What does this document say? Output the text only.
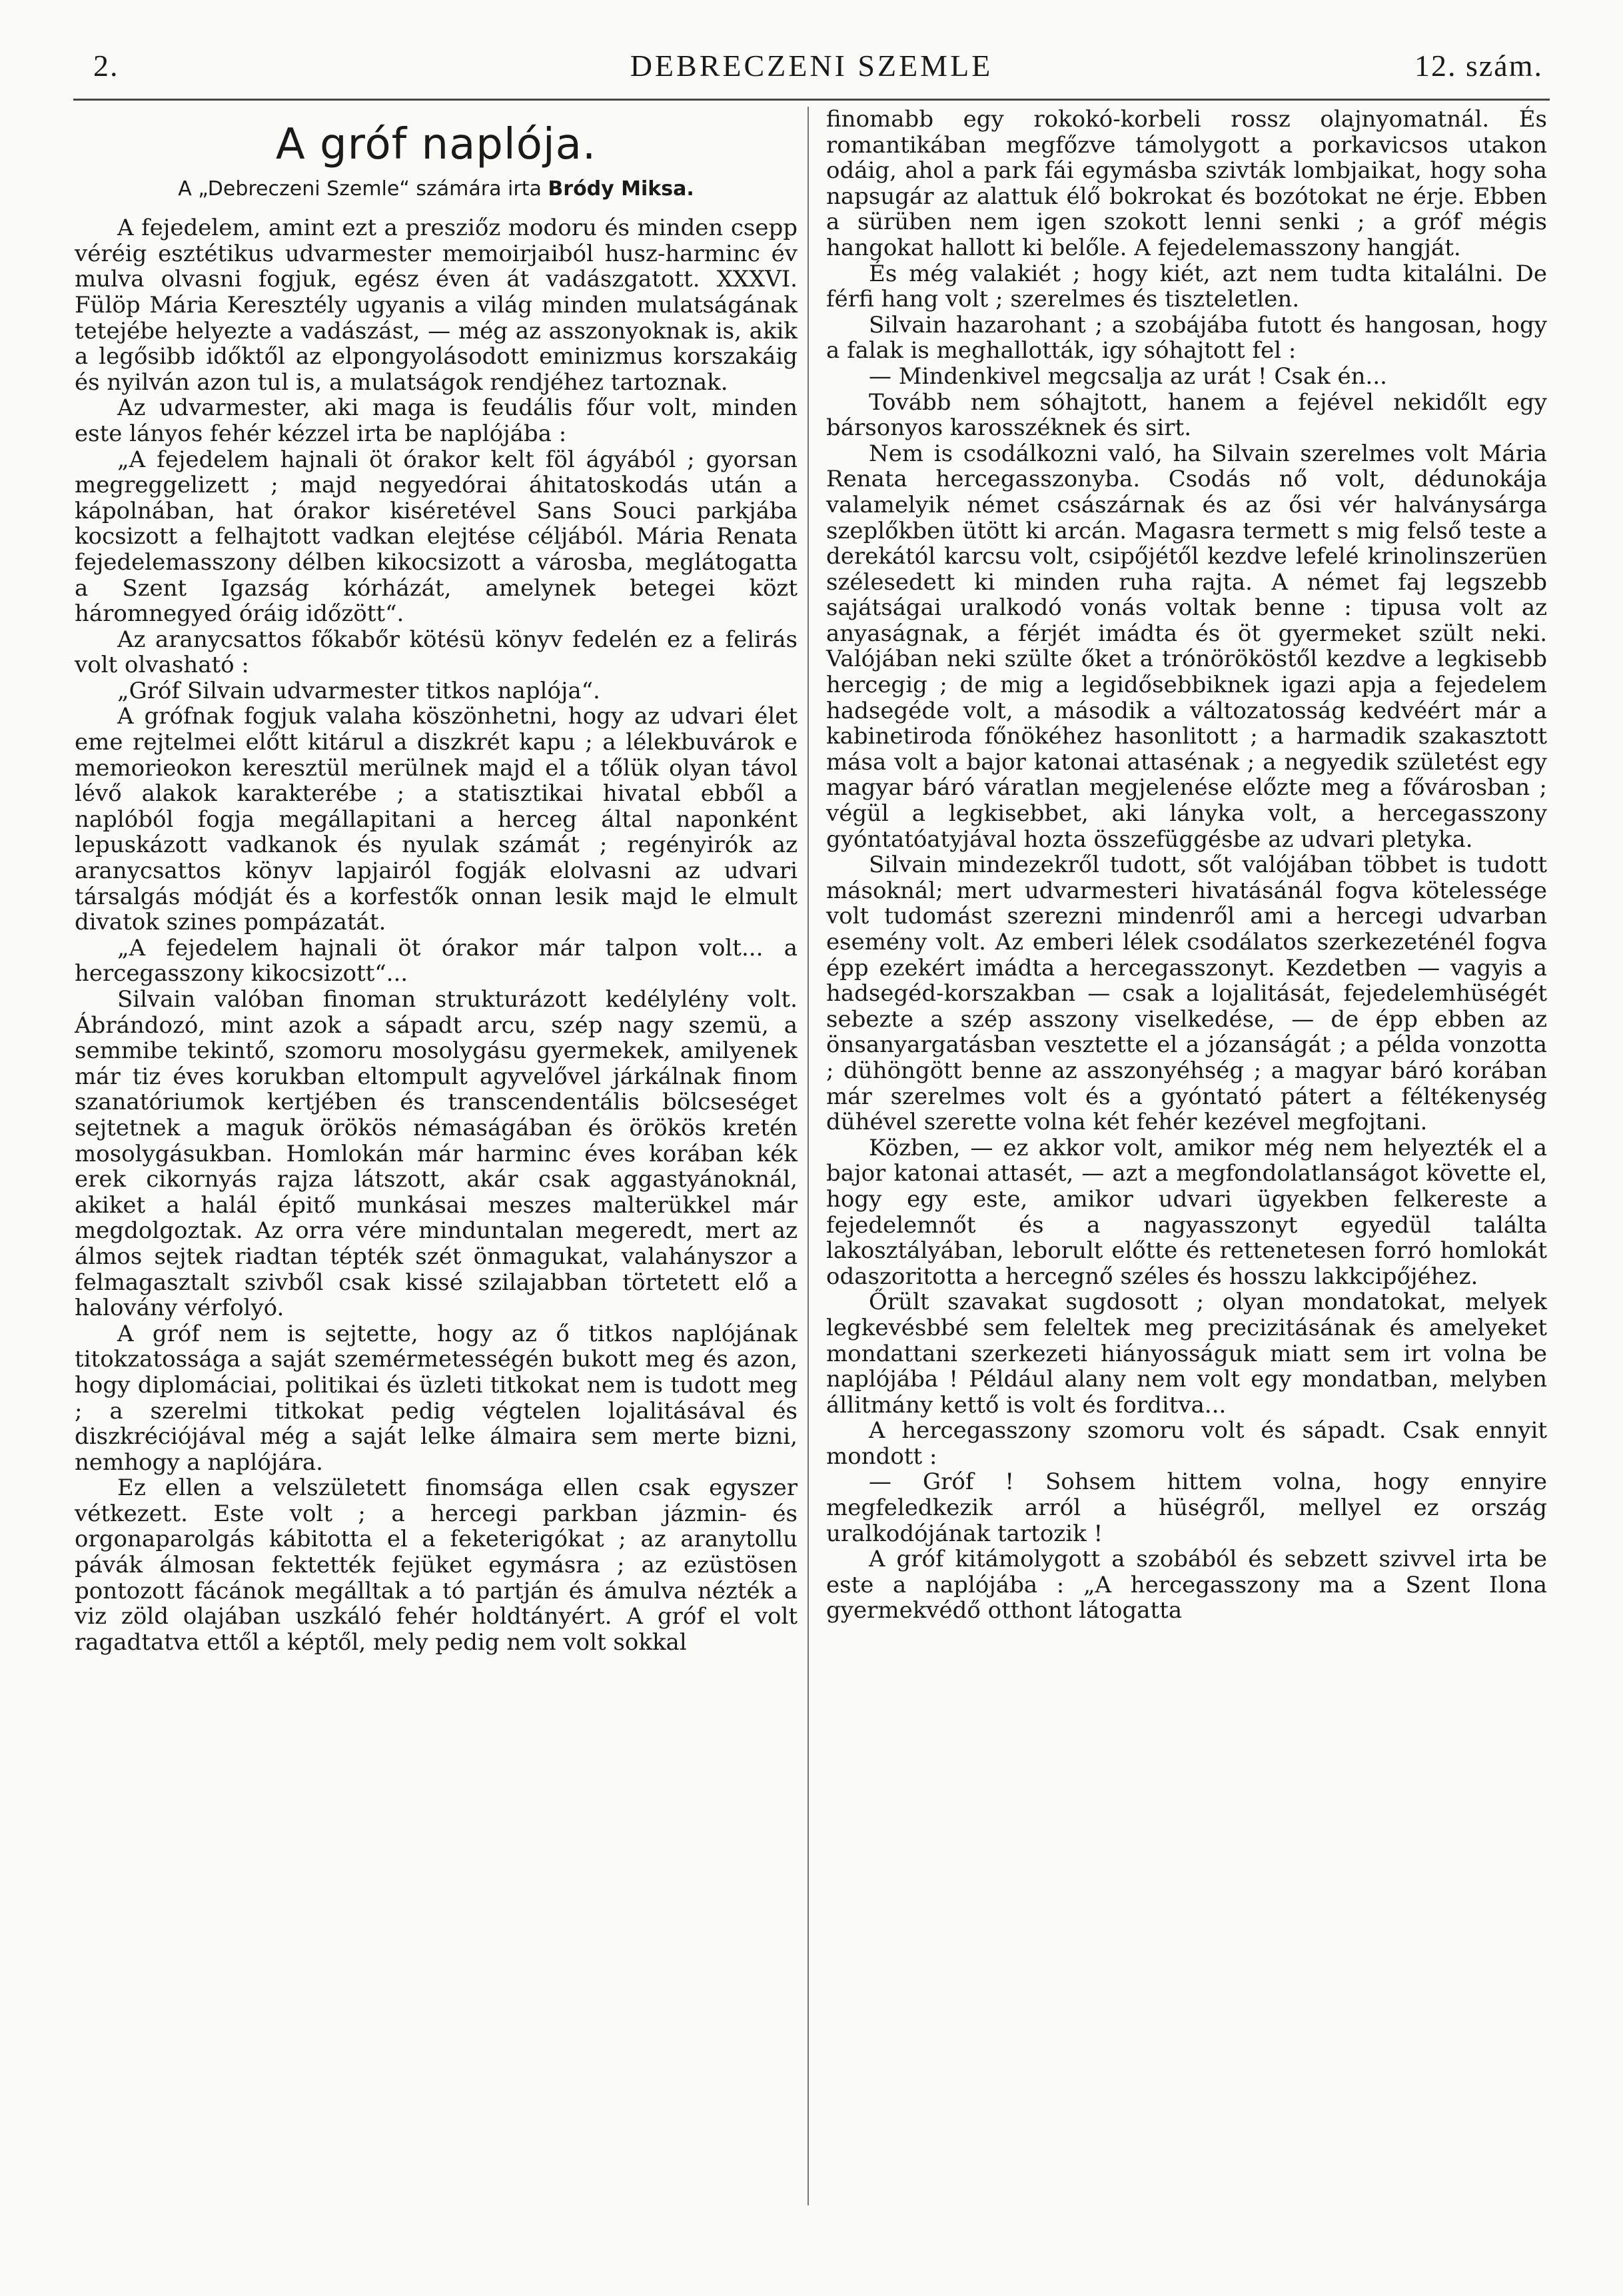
2.	DEBRECZENI SZEMLE	12. szám.
A gróf naplója.
A „Debreczeni Szemle“ számára irta Bródy Miksa.

A fejedelem, amint ezt a presziőz modoru és minden csepp véréig esztétikus udvarmester memoirjaiból husz-harminc év mulva olvasni fogjuk, egész éven át vadászgatott. XXXVI. Fülöp Mária Keresztély ugyanis a világ minden mulatságának tetejébe helyezte a vadászást, — még az asszonyoknak is, akik a legősibb időktől az elpongyolásodott eminizmus korszakáig és nyilván azon tul is, a mulatságok rendjéhez tartoznak.

Az udvarmester, aki maga is feudális főur volt, minden este lányos fehér kézzel irta be naplójába :

„A fejedelem hajnali öt órakor kelt föl ágyából ; gyorsan megreggelizett ; majd negyedórai áhitatoskodás után a kápolnában, hat órakor kiséretével Sans Souci parkjába kocsizott a felhajtott vadkan elejtése céljából. Mária Renata fejedelemasszony délben kikocsizott a városba, meglátogatta a Szent Igazság kórházát, amelynek betegei közt háromnegyed óráig időzött“.

Az aranycsattos főkabőr kötésü könyv fedelén ez a felirás volt olvasható :

„Gróf Silvain udvarmester titkos naplója“.

A grófnak fogjuk valaha köszönhetni, hogy az udvari élet eme rejtelmei előtt kitárul a diszkrét kapu ; a lélekbuvárok e memorieokon keresztül merülnek majd el a tőlük olyan távol lévő alakok karakterébe ; a statisztikai hivatal ebből a naplóból fogja megállapitani a herceg által naponként lepuskázott vadkanok és nyulak számát ; regényirók az aranycsattos könyv lapjairól fogják elolvasni az udvari társalgás módját és a korfestők onnan lesik majd le elmult divatok szines pompázatát.

„A fejedelem hajnali öt órakor már talpon volt... a hercegasszony kikocsizott“...

Silvain valóban finoman strukturázott kedélylény volt. Ábrándozó, mint azok a sápadt arcu, szép nagy szemü, a semmibe tekintő, szomoru mosolygásu gyermekek, amilyenek már tiz éves korukban eltompult agyvelővel járkálnak finom szanatóriumok kertjében és transcendentális bölcseséget sejtetnek a maguk örökös némaságában és örökös kretén mosolygásukban. Homlokán már harminc éves korában kék erek cikornyás rajza látszott, akár csak aggastyánoknál, akiket a halál épitő munkásai meszes malterükkel már megdolgoztak. Az orra vére minduntalan megeredt, mert az álmos sejtek riadtan tépték szét önmagukat, valahányszor a felmagasztalt szivből csak kissé szilajabban törtetett elő a halovány vérfolyó.

A gróf nem is sejtette, hogy az ő titkos naplójának titokzatossága a saját szemérmetességén bukott meg és azon, hogy diplomáciai, politikai és üzleti titkokat nem is tudott meg ; a szerelmi titkokat pedig végtelen lojalitásával és diszkréciójával még a saját lelke álmaira sem merte bizni, nemhogy a naplójára.

Ez ellen a velszületett finomsága ellen csak egyszer vétkezett. Este volt ; a hercegi parkban jázmin- és orgonaparolgás kábitotta el a feketerigókat ; az aranytollu pávák álmosan fektették fejüket egymásra ; az ezüstösen pontozott fácánok megálltak a tó partján és ámulva nézték a viz zöld olajában uszkáló fehér holdtányért. A gróf el volt ragadtatva ettől a képtől, mely pedig nem volt sokkal

finomabb egy rokokó-korbeli rossz olajnyomatnál. És romantikában megfőzve támolygott a porkavicsos utakon odáig, ahol a park fái egymásba szivták lombjaikat, hogy soha napsugár az alattuk élő bokrokat és bozótokat ne érje. Ebben a sürüben nem igen szokott lenni senki ; a gróf mégis hangokat hallott ki belőle. A fejedelemasszony hangját.

És még valakiét ; hogy kiét, azt nem tudta kitalálni. De férfi hang volt ; szerelmes és tiszteletlen.

Silvain hazarohant ; a szobájába futott és hangosan, hogy a falak is meghallották, igy sóhajtott fel :

— Mindenkivel megcsalja az urát ! Csak én...

Tovább nem sóhajtott, hanem a fejével nekidőlt egy bársonyos karosszéknek és sirt.

Nem is csodálkozni való, ha Silvain szerelmes volt Mária Renata hercegasszonyba. Csodás nő volt, dédunokája valamelyik német császárnak és az ősi vér halványsárga szeplőkben ütött ki arcán. Magasra termett s mig felső teste a derekától karcsu volt, csipőjétől kezdve lefelé krinolinszerüen szélesedett ki minden ruha rajta. A német faj legszebb sajátságai uralkodó vonás voltak benne : tipusa volt az anyaságnak, a férjét imádta és öt gyermeket szült neki. Valójában neki szülte őket a trónörököstől kezdve a legkisebb hercegig ; de mig a legidősebbiknek igazi apja a fejedelem hadsegéde volt, a második a változatosság kedvéért már a kabinetiroda főnökéhez hasonlitott ; a harmadik szakasztott mása volt a bajor katonai attasénak ; a negyedik születést egy magyar báró váratlan megjelenése előzte meg a fővárosban ; végül a legkisebbet, aki lánykа volt, a hercegasszony gyóntatóatyjával hozta összefüggésbe az udvari pletyka.

Silvain mindezekről tudott, sőt valójában többet is tudott másoknál; mert udvarmesteri hivatásánál fogva kötelessége volt tudomást szerezni mindenről ami a hercegi udvarban esemény volt. Az emberi lélek csodálatos szerkezeténél fogva épp ezekért imádta a hercegasszonyt. Kezdetben — vagyis a hadsegéd-korszakban — csak a lojalitását, fejedelemhüségét sebezte a szép asszony viselkedése, — de épp ebben az önsanyargatásban vesztette el a józanságát ; a példa vonzotta ; dühöngött benne az asszonyéhség ; a magyar báró korában már szerelmes volt és a gyóntató pátert a féltékenység dühével szerette volna két fehér kezével megfojtani.

Közben, — ez akkor volt, amikor még nem helyezték el a bajor katonai attasét, — azt a megfondolatlanságot követte el, hogy egy este, amikor udvari ügyekben felkereste a fejedelemnőt és a nagyasszonyt egyedül találta lakosztályában, leborult előtte és rettenetesen forró homlokát odaszoritotta a hercegnő széles és hosszu lakkcipőjéhez.

Őrült szavakat sugdosott ; olyan mondatokat, melyek legkevésbbé sem feleltek meg precizitásának és amelyeket mondattani szerkezeti hiányosságuk miatt sem irt volna be naplójába ! Például alany nem volt egy mondatban, melyben állitmány kettő is volt és forditva...

A hercegasszony szomoru volt és sápadt. Csak ennyit mondott :

— Gróf ! Sohsem hittem volna, hogy ennyire megfeledkezik arról a hüségről, mellyel ez ország uralkodójának tartozik !

A gróf kitámolygott a szobából és sebzett szivvel irta be este a naplójába : „A hercegasszony ma a Szent Ilona gyermekvédő otthont látogatta
